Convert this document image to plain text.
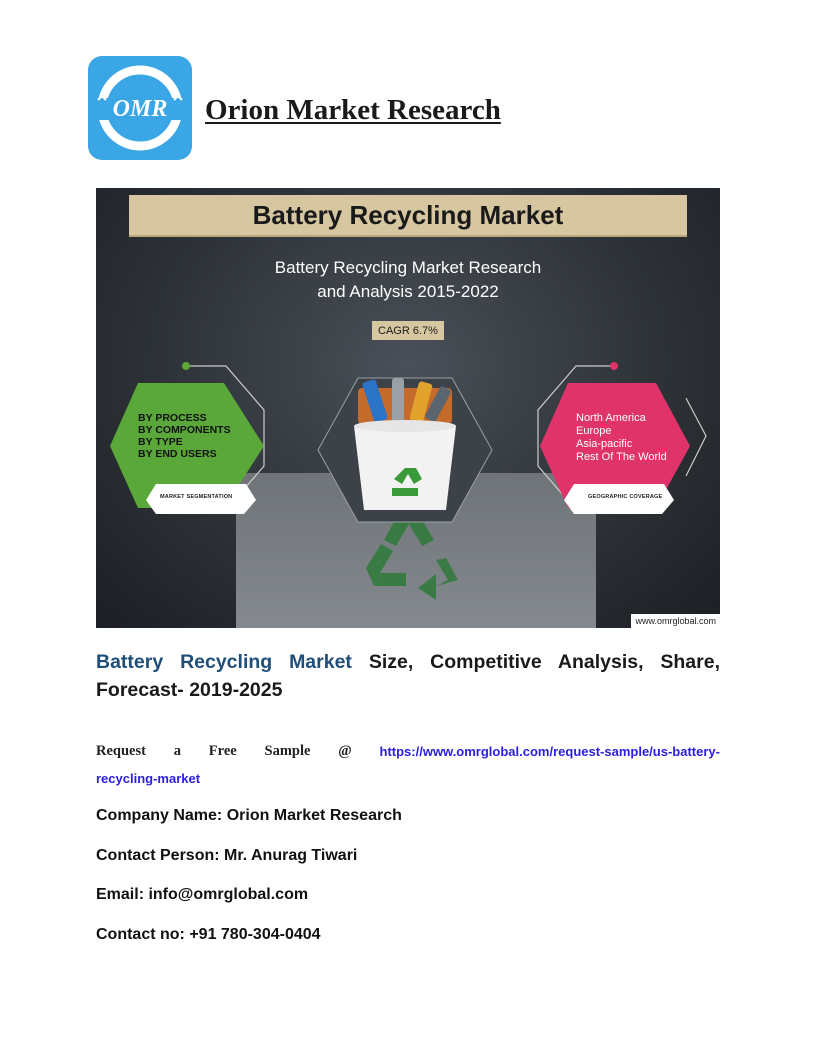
OMR Orion Market Research
Battery Recycling Market
Battery Recycling Market Research
and Analysis 2015-2022
CAGR 6.7%
BY PROCESS
BY COMPONENTS
BY TYPE
BY END USERS
MARKET SEGMENTATION
North America
Europe
Asia-pacific
Rest Of The World
GEOGRAPHIC COVERAGE
www.omrglobal.com
Battery Recycling Market Size, Competitive Analysis, Share, Forecast- 2019-2025
Request a Free Sample @ https://www.omrglobal.com/request-sample/us-battery-
recycling-market
Company Name: Orion Market Research
Contact Person: Mr. Anurag Tiwari
Email: info@omrglobal.com
Contact no: +91 780-304-0404
